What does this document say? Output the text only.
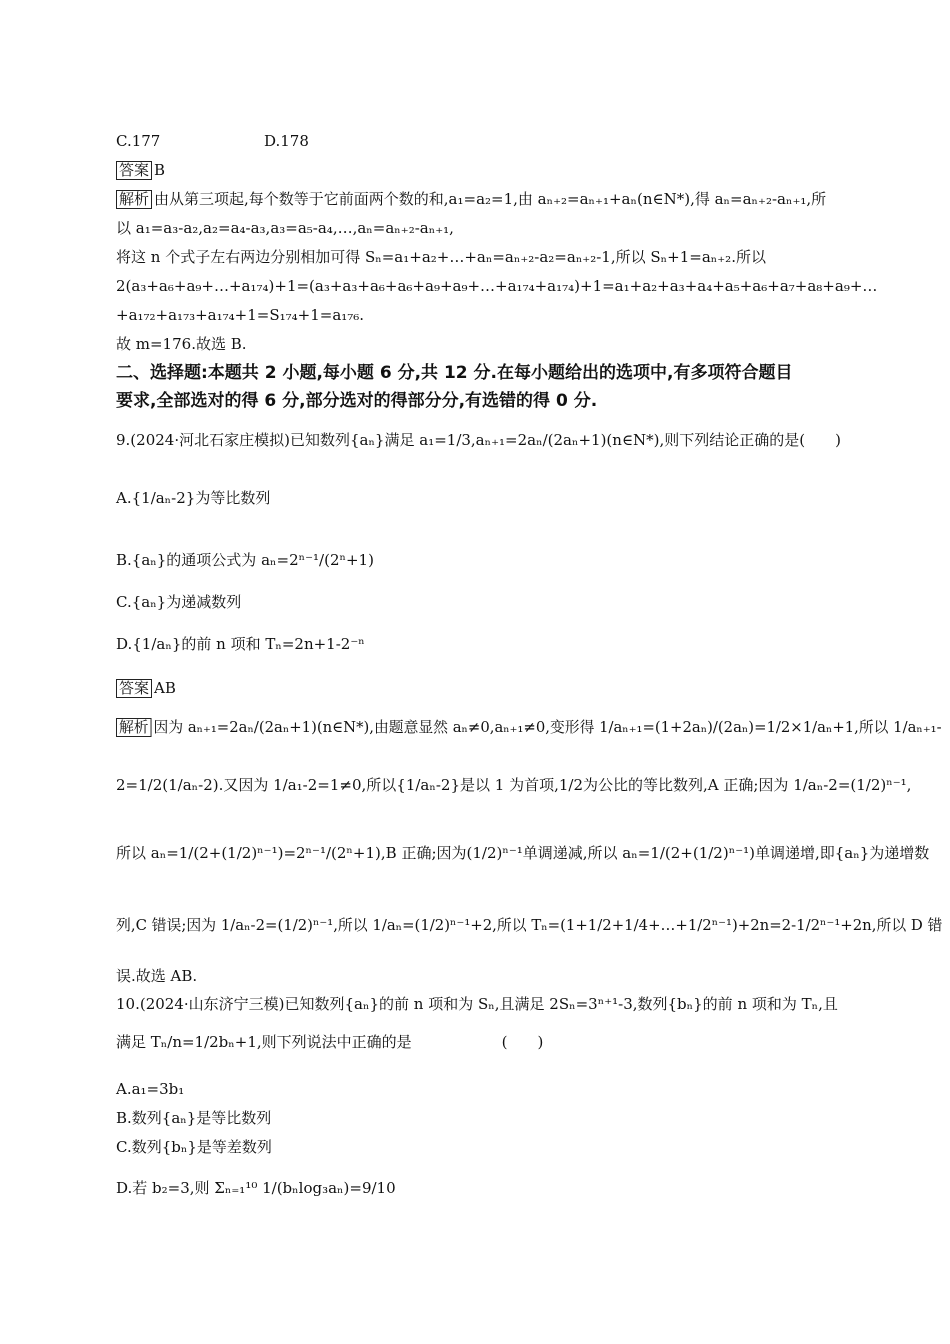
C.177	D.178
答案 B
解析 由从第三项起,每个数等于它前面两个数的和,a₁=a₂=1,由 aₙ₊₂=aₙ₊₁+aₙ(n∈N*),得 aₙ=aₙ₊₂-aₙ₊₁,所
以 a₁=a₃-a₂,a₂=a₄-a₃,a₃=a₅-a₄,…,aₙ=aₙ₊₂-aₙ₊₁,
将这 n 个式子左右两边分别相加可得 Sₙ=a₁+a₂+…+aₙ=aₙ₊₂-a₂=aₙ₊₂-1,所以 Sₙ+1=aₙ₊₂.所以
2(a₃+a₆+a₉+…+a₁₇₄)+1=(a₃+a₃+a₆+a₆+a₉+a₉+…+a₁₇₄+a₁₇₄)+1=a₁+a₂+a₃+a₄+a₅+a₆+a₇+a₈+a₉+…
+a₁₇₂+a₁₇₃+a₁₇₄+1=S₁₇₄+1=a₁₇₆.
故 m=176.故选 B.
二、选择题:本题共 2 小题,每小题 6 分,共 12 分.在每小题给出的选项中,有多项符合题目
要求,全部选对的得 6 分,部分选对的得部分分,有选错的得 0 分.
9.(2024·河北石家庄模拟)已知数列{aₙ}满足 a₁=1/3,aₙ₊₁=2aₙ/(2aₙ+1)(n∈N*),则下列结论正确的是(　　)
A.{1/aₙ-2}为等比数列
B.{aₙ}的通项公式为 aₙ=2ⁿ⁻¹/(2ⁿ+1)
C.{aₙ}为递减数列
D.{1/aₙ}的前 n 项和 Tₙ=2n+1-2⁻ⁿ
答案 AB
解析 因为 aₙ₊₁=2aₙ/(2aₙ+1)(n∈N*),由题意显然 aₙ≠0,aₙ₊₁≠0,变形得 1/aₙ₊₁=(1+2aₙ)/(2aₙ)=1/2×1/aₙ+1,所以 1/aₙ₊₁-
2=1/2(1/aₙ-2).又因为 1/a₁-2=1≠0,所以{1/aₙ-2}是以 1 为首项,1/2为公比的等比数列,A 正确;因为 1/aₙ-2=(1/2)ⁿ⁻¹,
所以 aₙ=1/(2+(1/2)ⁿ⁻¹)=2ⁿ⁻¹/(2ⁿ+1),B 正确;因为(1/2)ⁿ⁻¹单调递减,所以 aₙ=1/(2+(1/2)ⁿ⁻¹)单调递增,即{aₙ}为递增数
列,C 错误;因为 1/aₙ-2=(1/2)ⁿ⁻¹,所以 1/aₙ=(1/2)ⁿ⁻¹+2,所以 Tₙ=(1+1/2+1/4+…+1/2ⁿ⁻¹)+2n=2-1/2ⁿ⁻¹+2n,所以 D 错
误.故选 AB.
10.(2024·山东济宁三模)已知数列{aₙ}的前 n 项和为 Sₙ,且满足 2Sₙ=3ⁿ⁺¹-3,数列{bₙ}的前 n 项和为 Tₙ,且
满足 Tₙ/n=1/2bₙ+1,则下列说法中正确的是　　　　　　(　　)
A.a₁=3b₁
B.数列{aₙ}是等比数列
C.数列{bₙ}是等差数列
D.若 b₂=3,则 Σₙ₌₁¹⁰ 1/(bₙlog₃aₙ)=9/10
